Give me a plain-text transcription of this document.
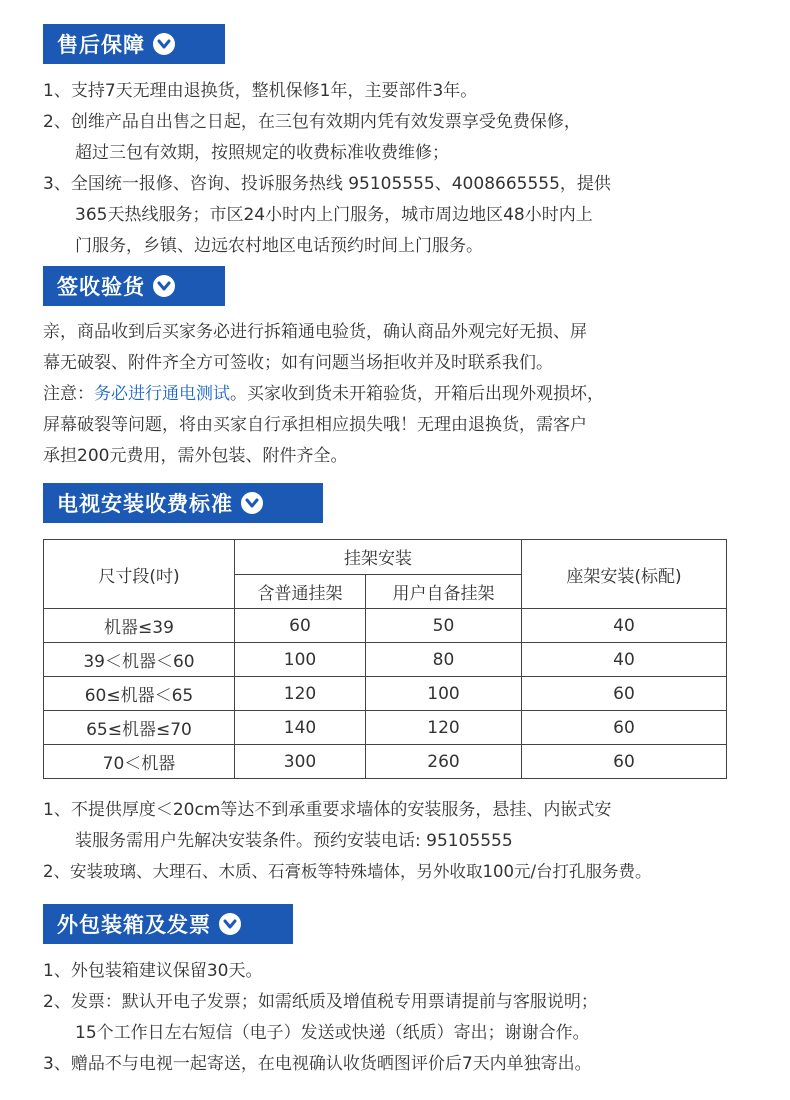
售后保障
1、支持7天无理由退换货，整机保修1年，主要部件3年。
2、创维产品自出售之日起，在三包有效期内凭有效发票享受免费保修，
超过三包有效期，按照规定的收费标准收费维修；
3、全国统一报修、咨询、投诉服务热线 95105555、4008665555，提供
365天热线服务；市区24小时内上门服务，城市周边地区48小时内上
门服务，乡镇、边远农村地区电话预约时间上门服务。
签收验货
亲，商品收到后买家务必进行拆箱通电验货，确认商品外观完好无损、屏
幕无破裂、附件齐全方可签收；如有问题当场拒收并及时联系我们。
注意：务必进行通电测试。买家收到货未开箱验货，开箱后出现外观损坏，
屏幕破裂等问题，将由买家自行承担相应损失哦！无理由退换货，需客户
承担200元费用，需外包装、附件齐全。
电视安装收费标准
尺寸段(吋)	挂架安装		座架安装(标配)
	含普通挂架	用户自备挂架	
机器≤39	60	50	40
39＜机器＜60	100	80	40
60≤机器＜65	120	100	60
65≤机器≤70	140	120	60
70＜机器	300	260	60
1、不提供厚度＜20cm等达不到承重要求墙体的安装服务，悬挂、内嵌式安
装服务需用户先解决安装条件。预约安装电话: 95105555
2、安装玻璃、大理石、木质、石膏板等特殊墙体，另外收取100元/台打孔服务费。
外包装箱及发票
1、外包装箱建议保留30天。
2、发票：默认开电子发票；如需纸质及增值税专用票请提前与客服说明；
15个工作日左右短信（电子）发送或快递（纸质）寄出；谢谢合作。
3、赠品不与电视一起寄送，在电视确认收货晒图评价后7天内单独寄出。
